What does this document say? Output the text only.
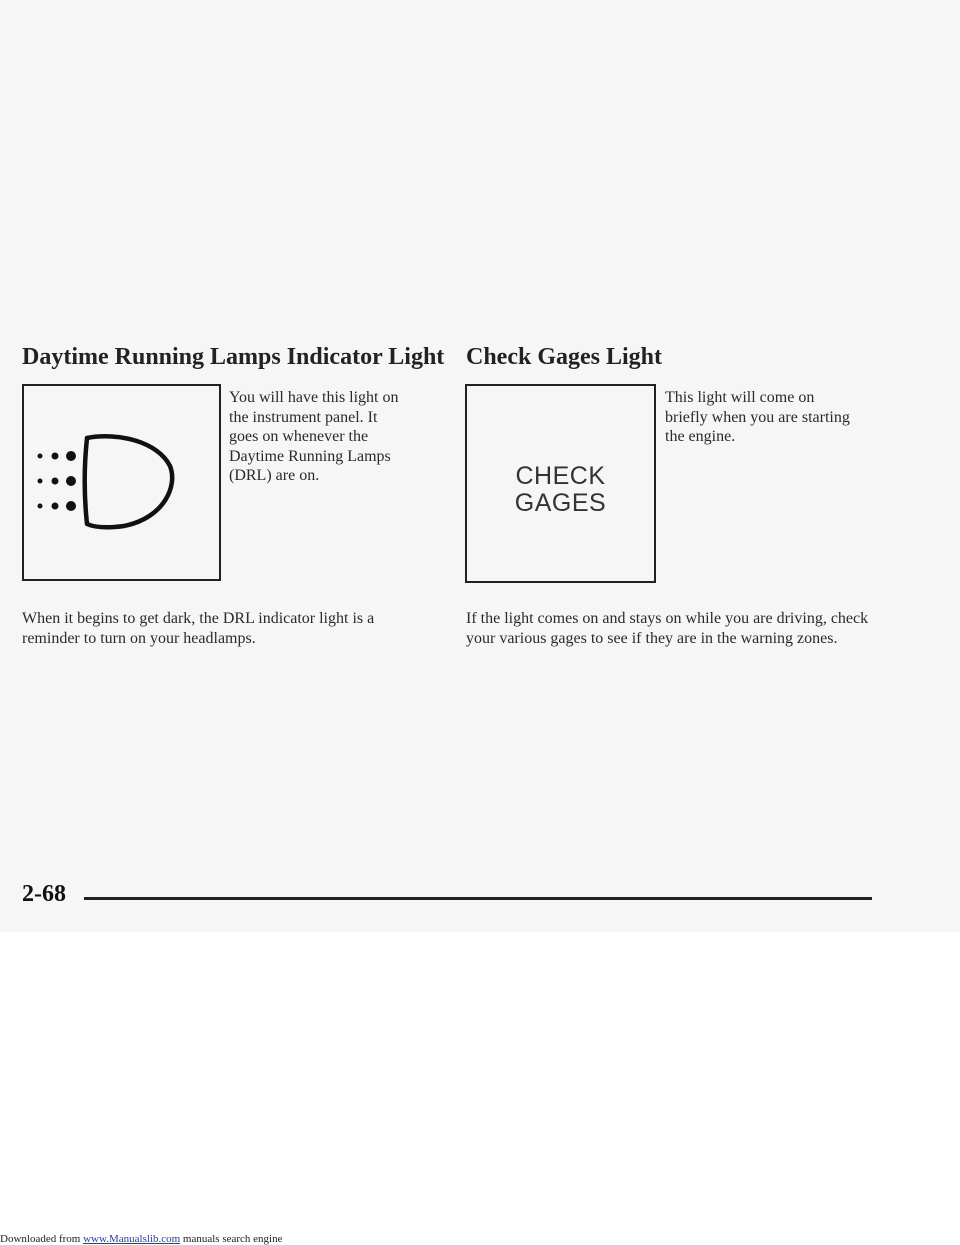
Daytime Running Lamps Indicator Light

You will have this light on the instrument panel. It goes on whenever the Daytime Running Lamps (DRL) are on.

When it begins to get dark, the DRL indicator light is a reminder to turn on your headlamps.

Check Gages Light
CHECK
GAGES

This light will come on briefly when you are starting the engine.

If the light comes on and stays on while you are driving, check your various gages to see if they are in the warning zones.

2-68

Downloaded from www.Manualslib.com manuals search engine
